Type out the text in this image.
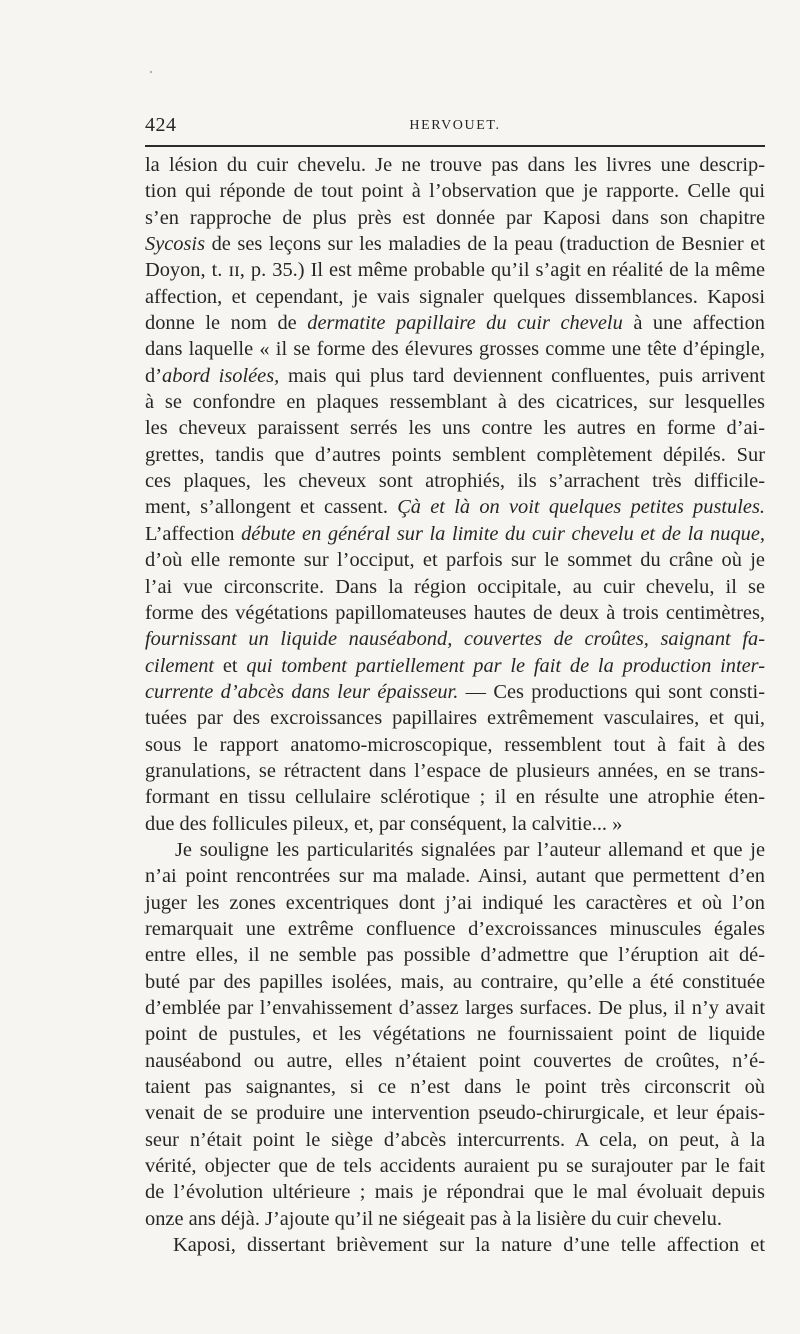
424	HERVOUET.
la lésion du cuir chevelu. Je ne trouve pas dans les livres une descrip-
tion qui réponde de tout point à l’observation que je rapporte. Celle qui
s’en rapproche de plus près est donnée par Kaposi dans son chapitre
Sycosis de ses leçons sur les maladies de la peau (traduction de Besnier et
Doyon, t. ɪɪ, p. 35.) Il est même probable qu’il s’agit en réalité de la même
affection, et cependant, je vais signaler quelques dissemblances. Kaposi
donne le nom de dermatite papillaire du cuir chevelu à une affection
dans laquelle « il se forme des élevures grosses comme une tête d’épingle,
d’abord isolées, mais qui plus tard deviennent confluentes, puis arrivent
à se confondre en plaques ressemblant à des cicatrices, sur lesquelles
les cheveux paraissent serrés les uns contre les autres en forme d’ai-
grettes, tandis que d’autres points semblent complètement dépilés. Sur
ces plaques, les cheveux sont atrophiés, ils s’arrachent très difficile-
ment, s’allongent et cassent. Çà et là on voit quelques petites pustules.
L’affection débute en général sur la limite du cuir chevelu et de la nuque,
d’où elle remonte sur l’occiput, et parfois sur le sommet du crâne où je
l’ai vue circonscrite. Dans la région occipitale, au cuir chevelu, il se
forme des végétations papillomateuses hautes de deux à trois centimètres,
fournissant un liquide nauséabond, couvertes de croûtes, saignant fa-
cilement et qui tombent partiellement par le fait de la production inter-
currente d’abcès dans leur épaisseur. — Ces productions qui sont consti-
tuées par des excroissances papillaires extrêmement vasculaires, et qui,
sous le rapport anatomo-microscopique, ressemblent tout à fait à des
granulations, se rétractent dans l’espace de plusieurs années, en se trans-
formant en tissu cellulaire sclérotique ; il en résulte une atrophie éten-
due des follicules pileux, et, par conséquent, la calvitie... »
Je souligne les particularités signalées par l’auteur allemand et que je
n’ai point rencontrées sur ma malade. Ainsi, autant que permettent d’en
juger les zones excentriques dont j’ai indiqué les caractères et où l’on
remarquait une extrême confluence d’excroissances minuscules égales
entre elles, il ne semble pas possible d’admettre que l’éruption ait dé-
buté par des papilles isolées, mais, au contraire, qu’elle a été constituée
d’emblée par l’envahissement d’assez larges surfaces. De plus, il n’y avait
point de pustules, et les végétations ne fournissaient point de liquide
nauséabond ou autre, elles n’étaient point couvertes de croûtes, n’é-
taient pas saignantes, si ce n’est dans le point très circonscrit où
venait de se produire une intervention pseudo-chirurgicale, et leur épais-
seur n’était point le siège d’abcès intercurrents. A cela, on peut, à la
vérité, objecter que de tels accidents auraient pu se surajouter par le fait
de l’évolution ultérieure ; mais je répondrai que le mal évoluait depuis
onze ans déjà. J’ajoute qu’il ne siégeait pas à la lisière du cuir chevelu.
Kaposi, dissertant brièvement sur la nature d’une telle affection et
